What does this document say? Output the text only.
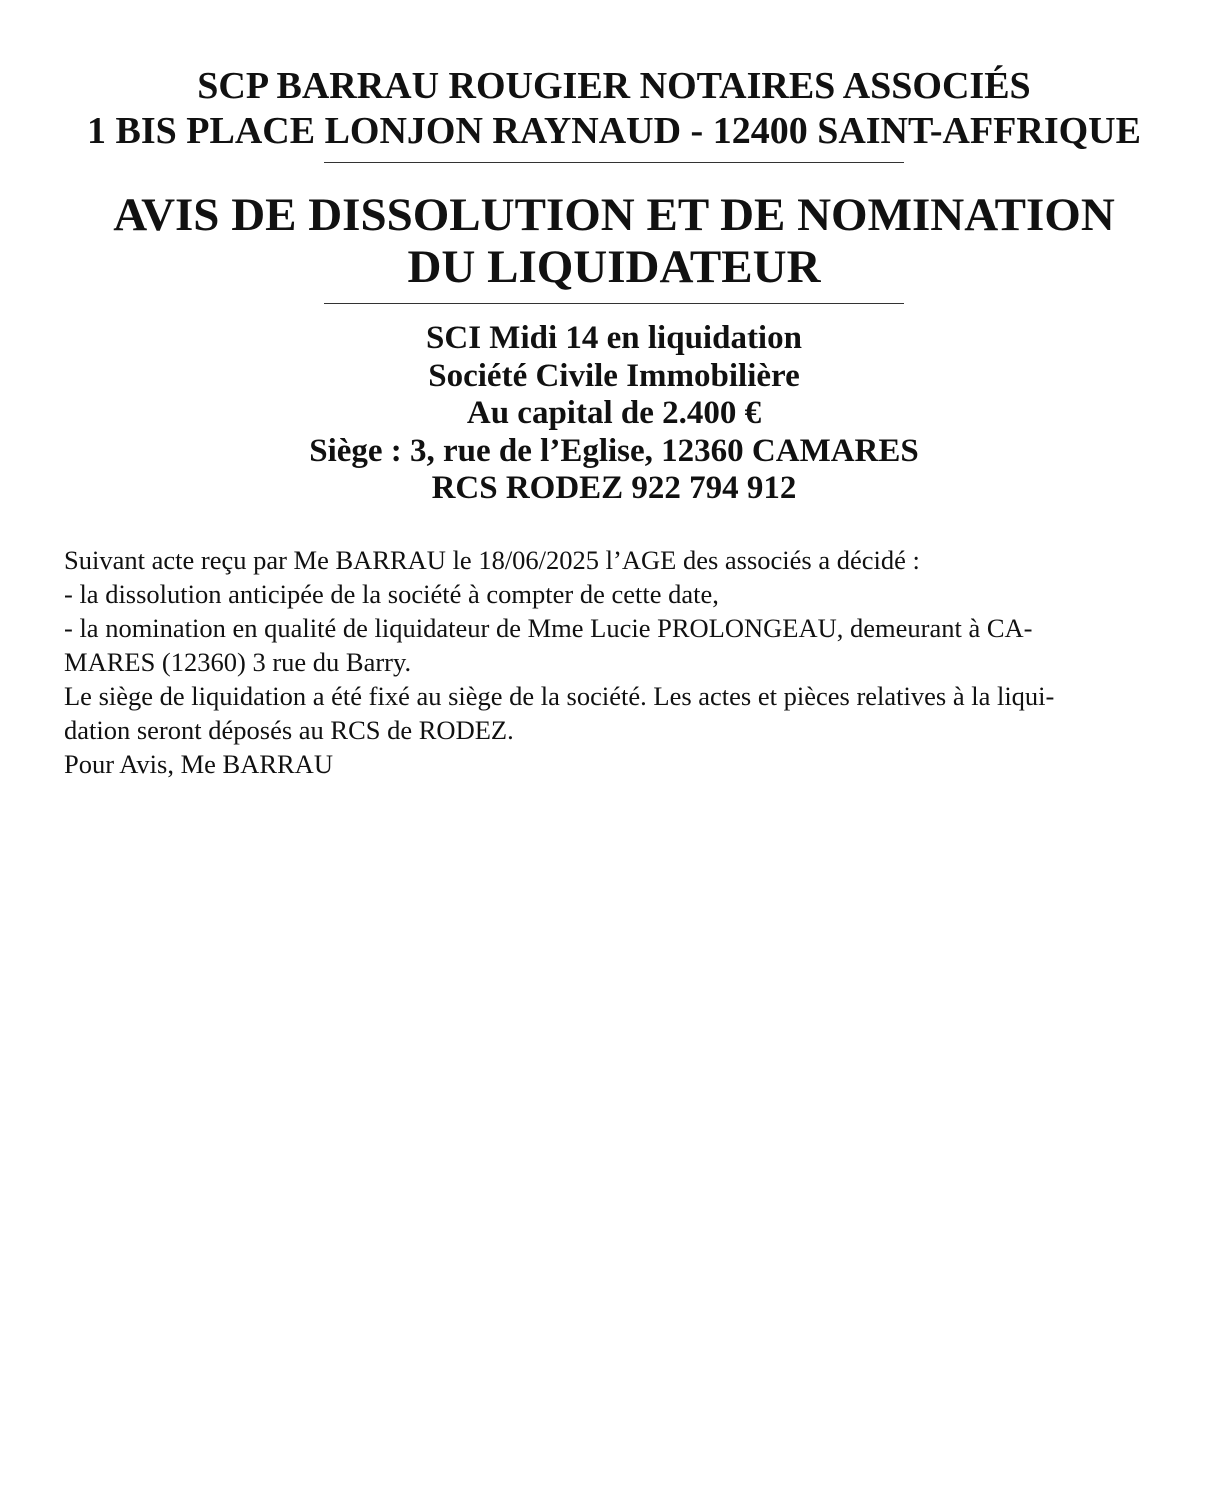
SCP BARRAU ROUGIER NOTAIRES ASSOCIÉS
1 BIS PLACE LONJON RAYNAUD - 12400 SAINT-AFFRIQUE
AVIS DE DISSOLUTION ET DE NOMINATION
DU LIQUIDATEUR
SCI Midi 14 en liquidation
Société Civile Immobilière
Au capital de 2.400 €
Siège : 3, rue de l’Eglise, 12360 CAMARES
RCS RODEZ 922 794 912

Suivant acte reçu par Me BARRAU le 18/06/2025 l’AGE des associés a décidé :

- la dissolution anticipée de la société à compter de cette date,

- la nomination en qualité de liquidateur de Mme Lucie PROLONGEAU, demeurant à CA-

MARES (12360) 3 rue du Barry.

Le siège de liquidation a été fixé au siège de la société. Les actes et pièces relatives à la liqui-

dation seront déposés au RCS de RODEZ.

Pour Avis, Me BARRAU
